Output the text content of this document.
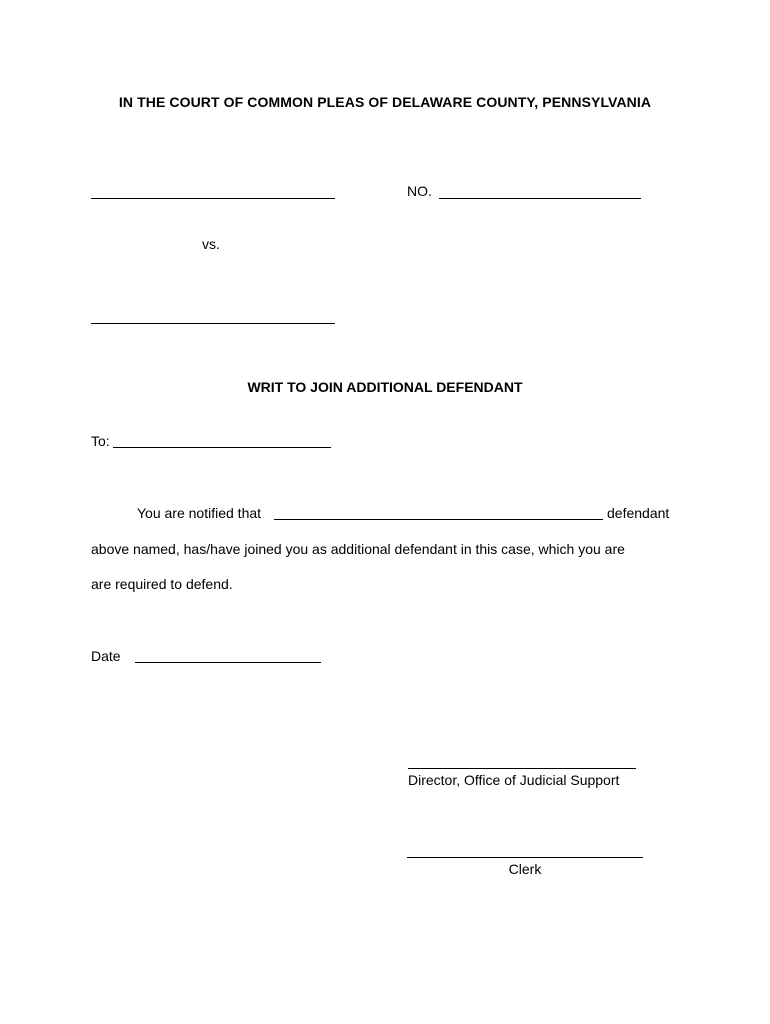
IN THE COURT OF COMMON PLEAS OF DELAWARE COUNTY, PENNSYLVANIA
NO.
vs.
WRIT TO JOIN ADDITIONAL DEFENDANT
To:
You are notified that	defendant
above named, has/have joined you as additional defendant in this case, which you are
are required to defend.
Date
Director, Office of Judicial Support
Clerk
